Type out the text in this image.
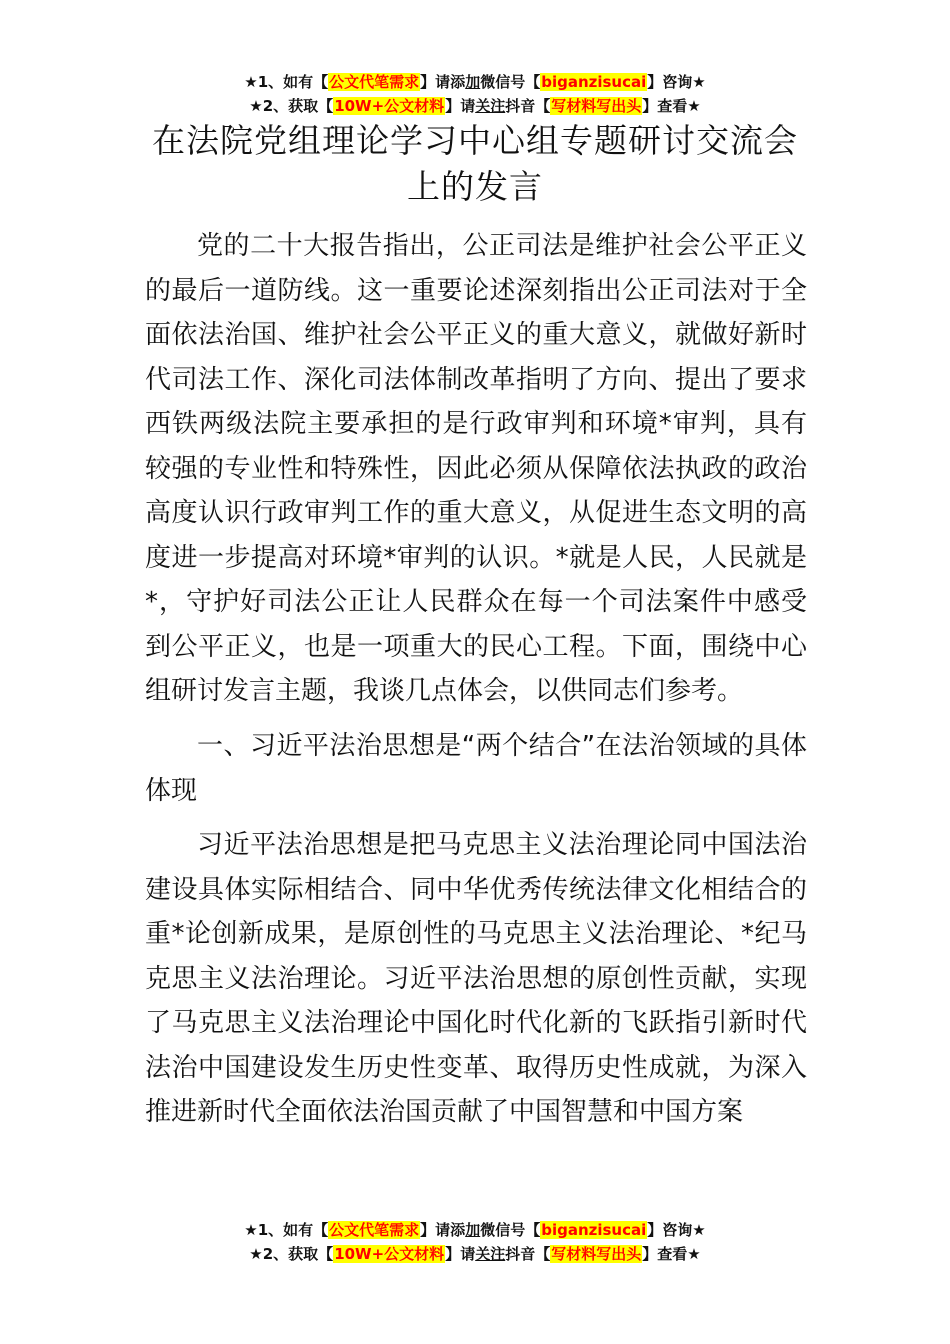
★1、如有【公文代笔需求】请添加微信号【biganzisucai】咨询★
★2、获取【10W+公文材料】请关注抖音【写材料写出头】查看★
在法院党组理论学习中心组专题研讨交流会上的发言

党的二十大报告指出，公正司法是维护社会公平正义的最后一道防线。这一重要论述深刻指出公正司法对于全面依法治国、维护社会公平正义的重大意义，就做好新时代司法工作、深化司法体制改革指明了方向、提出了要求西铁两级法院主要承担的是行政审判和环境*审判，具有较强的专业性和特殊性，因此必须从保障依法执政的政治高度认识行政审判工作的重大意义，从促进生态文明的高度进一步提高对环境*审判的认识。*就是人民，人民就是*，守护好司法公正让人民群众在每一个司法案件中感受到公平正义，也是一项重大的民心工程。下面，围绕中心组研讨发言主题，我谈几点体会，以供同志们参考。

一、习近平法治思想是“两个结合”在法治领域的具体体现

习近平法治思想是把马克思主义法治理论同中国法治建设具体实际相结合、同中华优秀传统法律文化相结合的重*论创新成果，是原创性的马克思主义法治理论、*纪马克思主义法治理论。习近平法治思想的原创性贡献，实现了马克思主义法治理论中国化时代化新的飞跃指引新时代法治中国建设发生历史性变革、取得历史性成就，为深入推进新时代全面依法治国贡献了中国智慧和中国方案

★1、如有【公文代笔需求】请添加微信号【biganzisucai】咨询★
★2、获取【10W+公文材料】请关注抖音【写材料写出头】查看★
